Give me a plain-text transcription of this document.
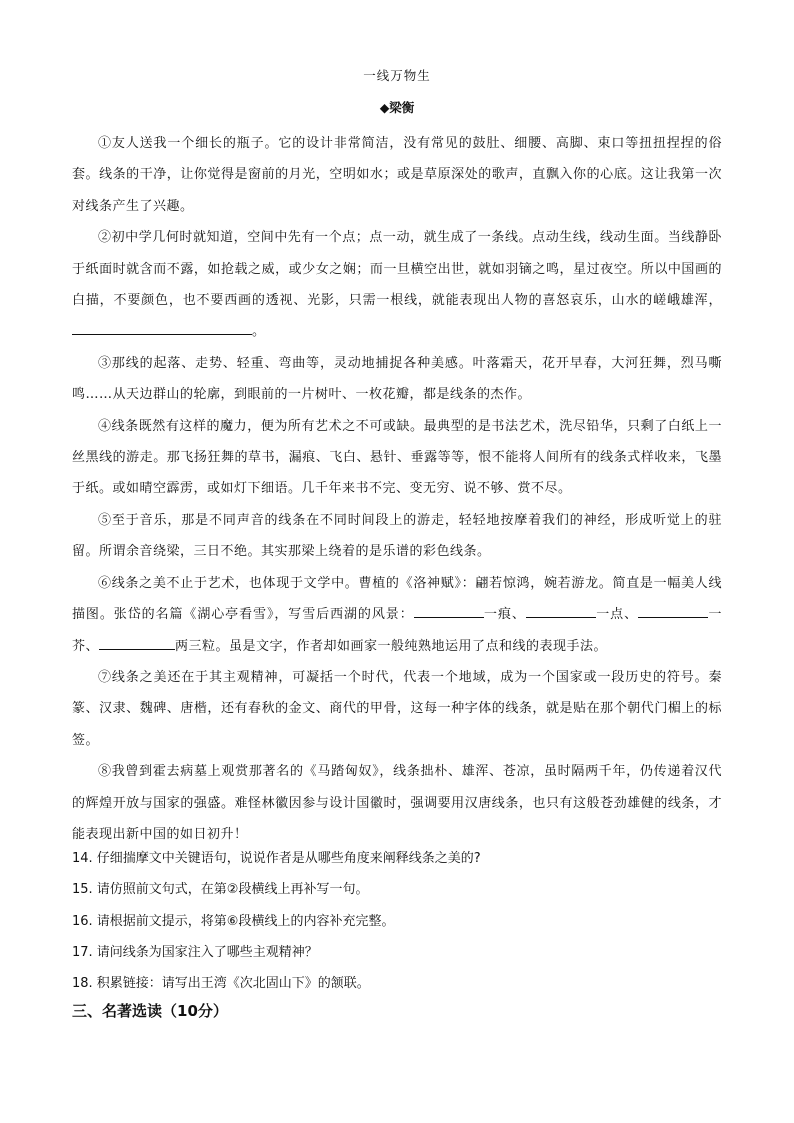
一线万物生
◆梁衡

①友人送我一个细长的瓶子。它的设计非常简洁，没有常见的鼓肚、细腰、高脚、束口等扭扭捏捏的俗套。线条的干净，让你觉得是窗前的月光，空明如水；或是草原深处的歌声，直飘入你的心底。这让我第一次对线条产生了兴趣。

②初中学几何时就知道，空间中先有一个点；点一动，就生成了一条线。点动生线，线动生面。当线静卧于纸面时就含而不露，如抢载之威，或少女之娴；而一旦横空出世，就如羽镝之鸣，星过夜空。所以中国画的白描，不要颜色，也不要西画的透视、光影，只需一根线，就能表现出人物的喜怒哀乐，山水的嵯峨雄浑，。

③那线的起落、走势、轻重、弯曲等，灵动地捕捉各种美感。叶落霜天，花开早春，大河狂舞，烈马嘶鸣……从天边群山的轮廓，到眼前的一片树叶、一枚花瓣，都是线条的杰作。

④线条既然有这样的魔力，便为所有艺术之不可或缺。最典型的是书法艺术，洗尽铅华，只剩了白纸上一丝黑线的游走。那飞扬狂舞的草书，漏痕、飞白、悬针、垂露等等，恨不能将人间所有的线条式样收来，飞墨于纸。或如晴空霹雳，或如灯下细语。几千年来书不完、变无穷、说不够、赏不尽。

⑤至于音乐，那是不同声音的线条在不同时间段上的游走，轻轻地按摩着我们的神经，形成听觉上的驻留。所谓余音绕梁，三日不绝。其实那梁上绕着的是乐谱的彩色线条。

⑥线条之美不止于艺术，也体现于文学中。曹植的《洛神赋》：翩若惊鸿，婉若游龙。简直是一幅美人线描图。张岱的名篇《湖心亭看雪》，写雪后西湖的风景：	一痕、	一点、	一芥、	两三粒。虽是文字，作者却如画家一般纯熟地运用了点和线的表现手法。

⑦线条之美还在于其主观精神，可凝括一个时代，代表一个地域，成为一个国家或一段历史的符号。秦篆、汉隶、魏碑、唐楷，还有春秋的金文、商代的甲骨，这每一种字体的线条，就是贴在那个朝代门楣上的标签。

⑧我曾到霍去病墓上观赏那著名的《马踏匈奴》，线条拙朴、雄浑、苍凉，虽时隔两千年，仍传递着汉代的辉煌开放与国家的强盛。难怪林徽因参与设计国徽时，强调要用汉唐线条，也只有这般苍劲雄健的线条，才能表现出新中国的如日初升！

14. 仔细揣摩文中关键语句，说说作者是从哪些角度来阐释线条之美的?

15. 请仿照前文句式，在第②段横线上再补写一句。

16. 请根据前文提示，将第⑥段横线上的内容补充完整。

17. 请问线条为国家注入了哪些主观精神？

18. 积累链接：请写出王湾《次北固山下》的颔联。

三、名著选读（10分）
